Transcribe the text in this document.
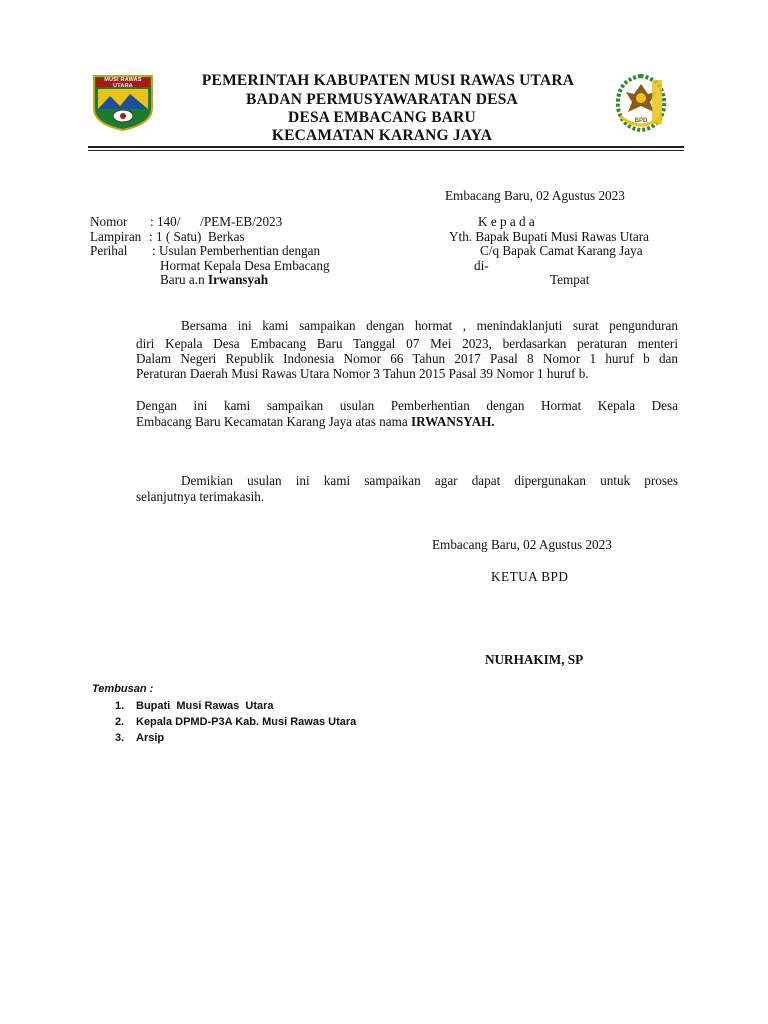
MUSI RAWAS UTARA
BPD
PEMERINTAH KABUPATEN MUSI RAWAS UTARA
BADAN PERMUSYAWARATAN DESA
DESA EMBACANG BARU
KECAMATAN KARANG JAYA
Embacang Baru, 02 Agustus 2023
Nomor : 140/      /PEM-EB/2023
Lampiran : 1 ( Satu)  Berkas
Perihal : Usulan Pemberhentian dengan
Hormat Kepala Desa Embacang
Baru a.n Irwansyah
K e p a d a
Yth. Bapak Bupati Musi Rawas Utara
C/q Bapak Camat Karang Jaya
di-
Tempat
Bersama ini kami sampaikan dengan hormat , menindaklanjuti surat pengunduran
diri Kepala Desa Embacang Baru Tanggal 07 Mei 2023, berdasarkan peraturan menteri
Dalam Negeri Republik Indonesia Nomor 66 Tahun 2017 Pasal 8 Nomor 1 huruf b dan
Peraturan Daerah Musi Rawas Utara Nomor 3 Tahun 2015 Pasal 39 Nomor 1 huruf b.
Dengan ini kami sampaikan usulan Pemberhentian dengan Hormat Kepala Desa
Embacang Baru Kecamatan Karang Jaya atas nama IRWANSYAH.
Demikian usulan ini kami sampaikan agar dapat dipergunakan untuk proses
selanjutnya terimakasih.
Embacang Baru, 02 Agustus 2023
KETUA BPD
NURHAKIM, SP
Tembusan :
1. Bupati  Musi Rawas  Utara
2. Kepala DPMD-P3A Kab. Musi Rawas Utara
3. Arsip
